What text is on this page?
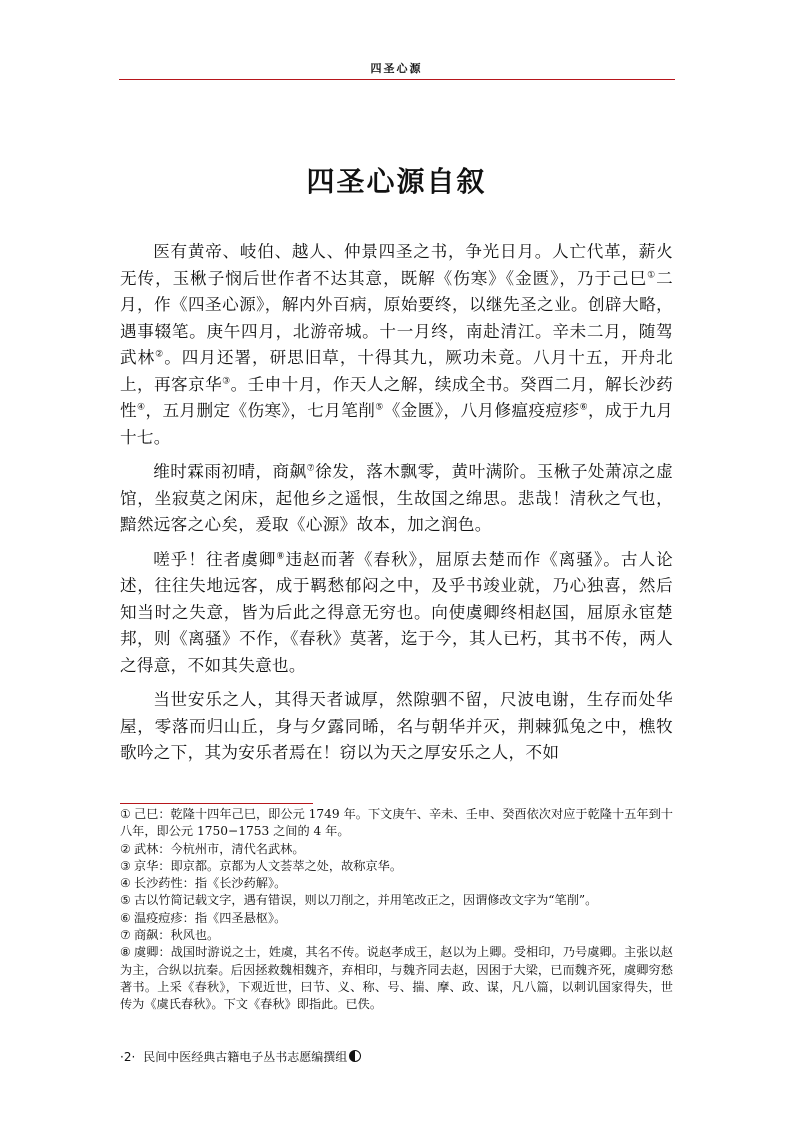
四圣心源
四圣心源自叙

医有黄帝、岐伯、越人、仲景四圣之书，争光日月。人亡代革，薪火无传，玉楸子悯后世作者不达其意，既解《伤寒》《金匮》，乃于己巳①二月，作《四圣心源》，解内外百病，原始要终，以继先圣之业。创辟大略，遇事辍笔。庚午四月，北游帝城。十一月终，南赴清江。辛未二月，随驾武林②。四月还署，研思旧草，十得其九，厥功未竟。八月十五，开舟北上，再客京华③。壬申十月，作天人之解，续成全书。癸酉二月，解长沙药性④，五月删定《伤寒》，七月笔削⑤《金匮》，八月修瘟疫痘疹⑥，成于九月十七。

维时霖雨初晴，商飙⑦徐发，落木飘零，黄叶满阶。玉楸子处萧凉之虚馆，坐寂莫之闲床，起他乡之遥恨，生故国之绵思。悲哉！清秋之气也，黯然远客之心矣，爰取《心源》故本，加之润色。

嗟乎！往者虞卿⑧违赵而著《春秋》，屈原去楚而作《离骚》。古人论述，往往失地远客，成于羁愁郁闷之中，及乎书竣业就，乃心独喜，然后知当时之失意，皆为后此之得意无穷也。向使虞卿终相赵国，屈原永宦楚邦，则《离骚》不作，《春秋》莫著，迄于今，其人已朽，其书不传，两人之得意，不如其失意也。

当世安乐之人，其得天者诚厚，然隙驷不留，尺波电谢，生存而处华屋，零落而归山丘，身与夕露同晞，名与朝华并灭，荆棘狐兔之中，樵牧歌吟之下，其为安乐者焉在！窃以为天之厚安乐之人，不如

① 己巳：乾隆十四年己巳，即公元 1749 年。下文庚午、辛未、壬申、癸酉依次对应于乾隆十五年到十八年，即公元 1750−1753 之间的 4 年。

② 武林：今杭州市，清代名武林。

③ 京华：即京都。京都为人文荟萃之处，故称京华。

④ 长沙药性：指《长沙药解》。

⑤ 古以竹简记载文字，遇有错误，则以刀削之，并用笔改正之，因谓修改文字为“笔削”。

⑥ 温疫痘疹：指《四圣悬枢》。

⑦ 商飙：秋风也。

⑧ 虞卿：战国时游说之士，姓虞，其名不传。说赵孝成王，赵以为上卿。受相印，乃号虞卿。主张以赵为主，合纵以抗秦。后因拯救魏相魏齐，弃相印，与魏齐同去赵，因困于大梁，已而魏齐死，虞卿穷愁著书。上采《春秋》，下观近世，曰节、义、称、号、揣、摩、政、谋，凡八篇，以刺讥国家得失，世传为《虞氏春秋》。下文《春秋》即指此。已佚。

·2· 民间中医经典古籍电子丛书志愿编撰组
